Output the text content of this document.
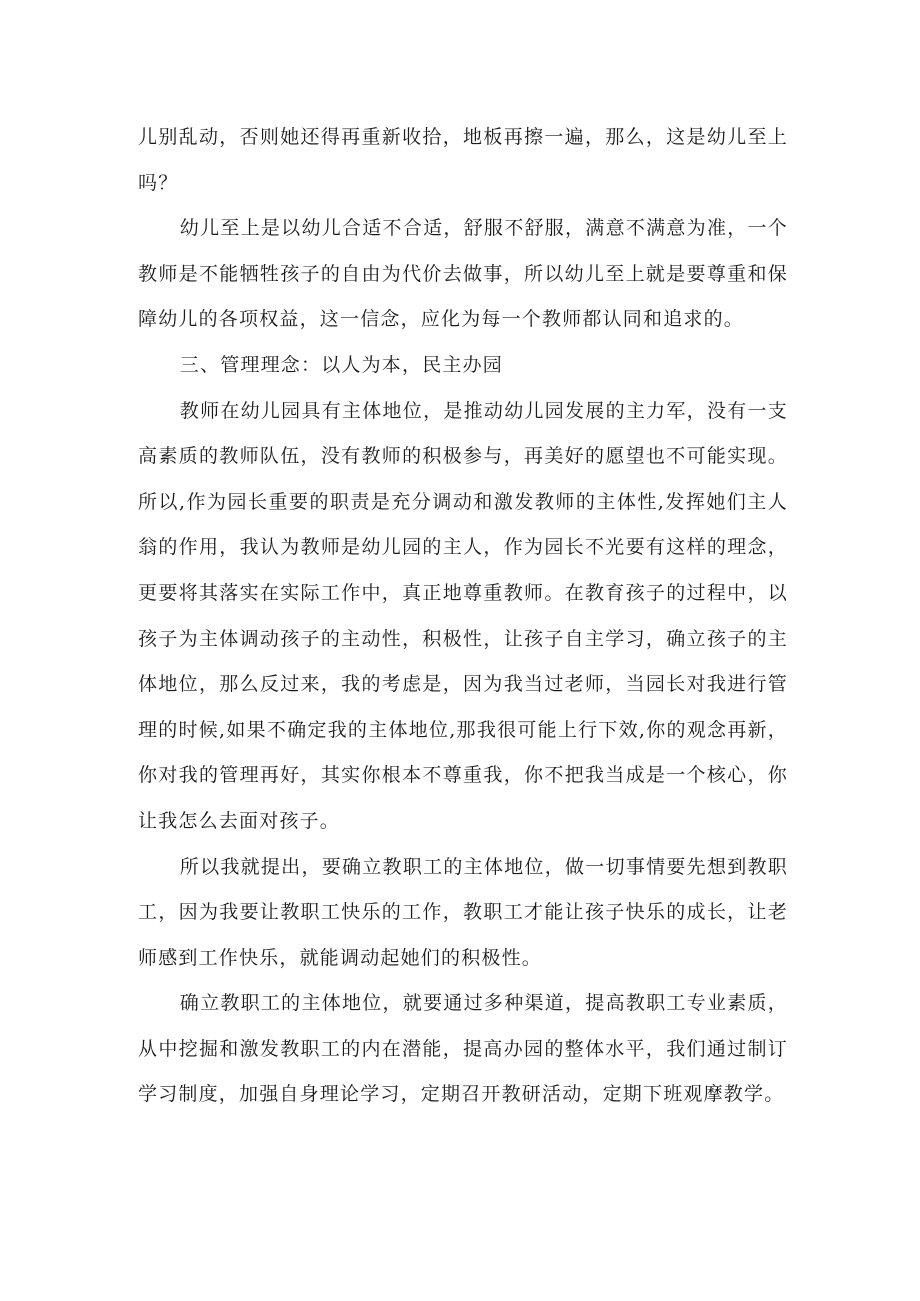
儿别乱动，否则她还得再重新收拾，地板再擦一遍，那么，这是幼儿至上吗？

幼儿至上是以幼儿合适不合适，舒服不舒服，满意不满意为准，一个教师是不能牺牲孩子的自由为代价去做事，所以幼儿至上就是要尊重和保障幼儿的各项权益，这一信念，应化为每一个教师都认同和追求的。

三、管理理念：以人为本，民主办园

教师在幼儿园具有主体地位，是推动幼儿园发展的主力军，没有一支高素质的教师队伍，没有教师的积极参与，再美好的愿望也不可能实现。所以,作为园长重要的职责是充分调动和激发教师的主体性,发挥她们主人翁的作用，我认为教师是幼儿园的主人，作为园长不光要有这样的理念，更要将其落实在实际工作中，真正地尊重教师。在教育孩子的过程中，以孩子为主体调动孩子的主动性，积极性，让孩子自主学习，确立孩子的主体地位，那么反过来，我的考虑是，因为我当过老师，当园长对我进行管理的时候,如果不确定我的主体地位,那我很可能上行下效,你的观念再新，你对我的管理再好，其实你根本不尊重我，你不把我当成是一个核心，你让我怎么去面对孩子。

所以我就提出，要确立教职工的主体地位，做一切事情要先想到教职工，因为我要让教职工快乐的工作，教职工才能让孩子快乐的成长，让老师感到工作快乐，就能调动起她们的积极性。

确立教职工的主体地位，就要通过多种渠道，提高教职工专业素质，从中挖掘和激发教职工的内在潜能，提高办园的整体水平，我们通过制订学习制度，加强自身理论学习，定期召开教研活动，定期下班观摩教学。
